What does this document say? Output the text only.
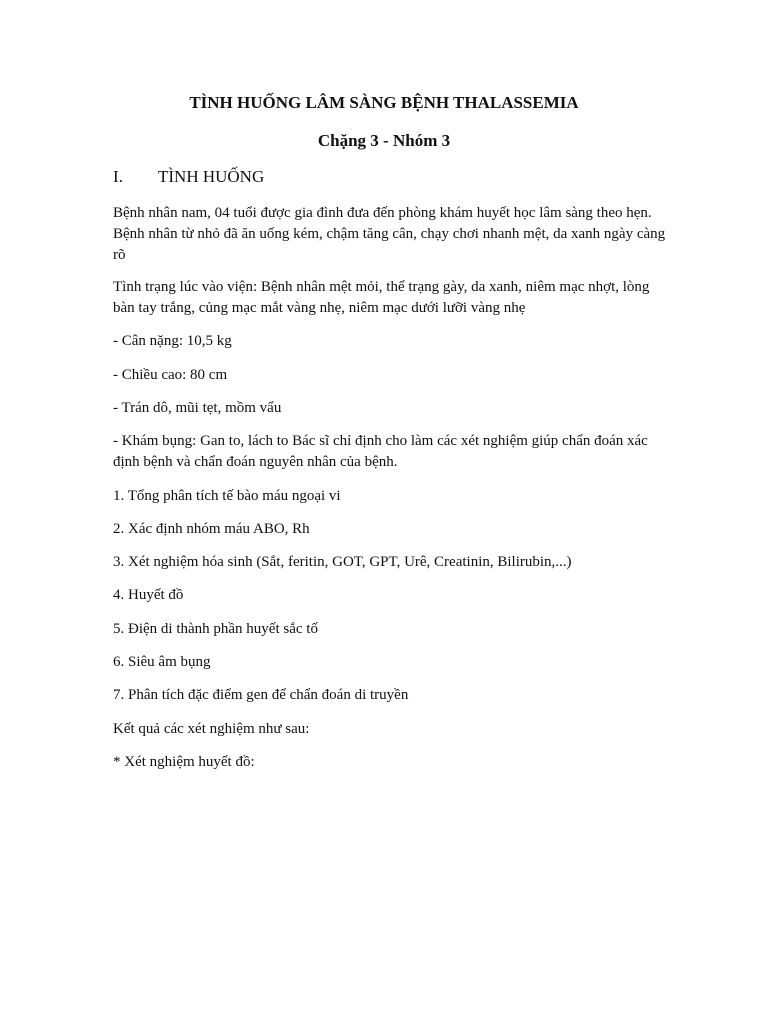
TÌNH HUỐNG LÂM SÀNG BỆNH THALASSEMIA
Chặng 3 - Nhóm 3
I. TÌNH HUỐNG

Bệnh nhân nam, 04 tuổi được gia đình đưa đến phòng khám huyết học lâm sàng theo hẹn. Bệnh nhân từ nhỏ đã ăn uống kém, chậm tăng cân, chạy chơi nhanh mệt, da xanh ngày càng rõ

Tình trạng lúc vào viện: Bệnh nhân mệt mỏi, thể trạng gày, da xanh, niêm mạc nhợt, lòng bàn tay trắng, củng mạc mắt vàng nhẹ, niêm mạc dưới lưỡi vàng nhẹ

- Cân nặng: 10,5 kg

- Chiều cao: 80 cm

- Trán dô, mũi tẹt, mồm vẩu

- Khám bụng: Gan to, lách to Bác sĩ chỉ định cho làm các xét nghiệm giúp chẩn đoán xác định bệnh và chẩn đoán nguyên nhân của bệnh.

1. Tổng phân tích tế bào máu ngoại vi

2. Xác định nhóm máu ABO, Rh

3. Xét nghiệm hóa sinh (Sắt, feritin, GOT, GPT, Urê, Creatinin, Bilirubin,...)

4. Huyết đồ

5. Điện di thành phần huyết sắc tố

6. Siêu âm bụng

7. Phân tích đặc điểm gen để chẩn đoán di truyền

Kết quả các xét nghiệm như sau:

* Xét nghiệm huyết đồ:
